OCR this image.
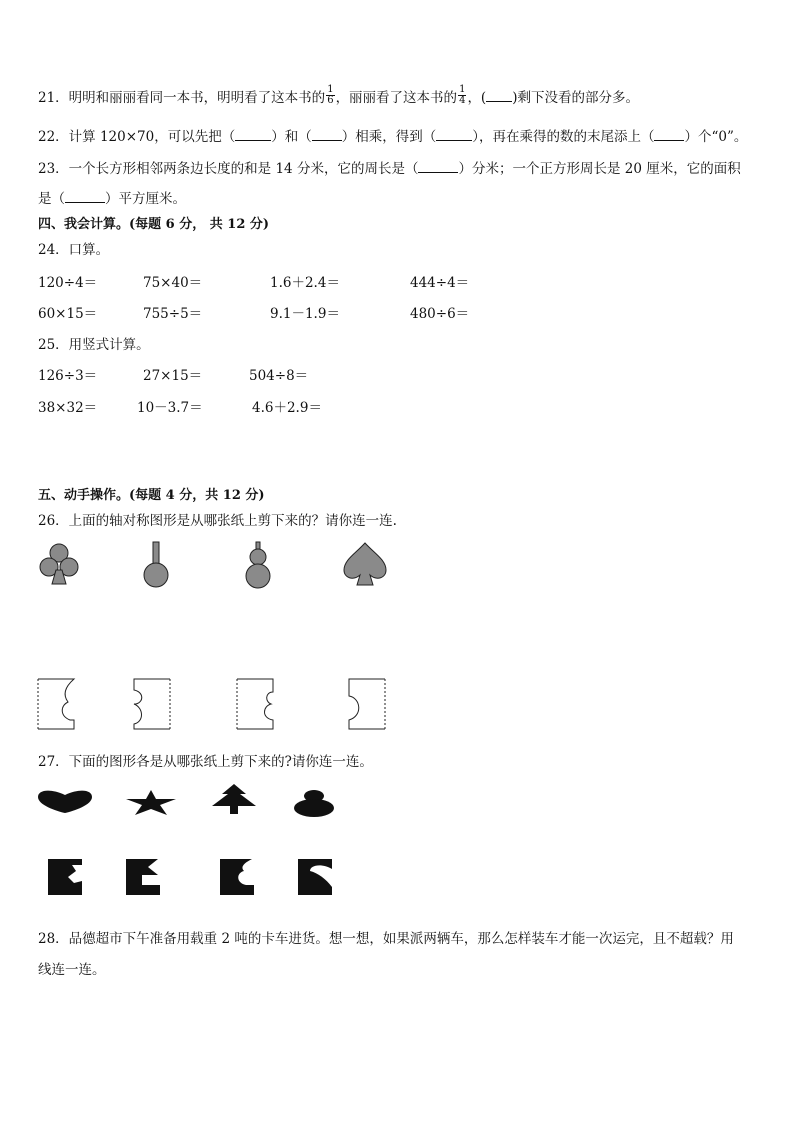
21．明明和丽丽看同一本书，明明看了这本书的 $\frac{1}{6}$ ，丽丽看了这本书的 $\frac{1}{4}$ ，( )剩下没看的部分多。
22．计算 120×70，可以先把（	）和（ ）相乘，得到（	），再在乘得的数的末尾添上（ ）个“0”。
23．一个长方形相邻两条边长度的和是 14 分米，它的周长是（	）分米；一个正方形周长是 20 厘米，它的面积
是（	）平方厘米。
四、我会计算。(每题 6 分， 共 12 分)
24．口算。
120÷4＝	75×40＝	1.6＋2.4＝	444÷4＝
60×15＝	755÷5＝	9.1－1.9＝	480÷6＝
25．用竖式计算。
126÷3＝	27×15＝	504÷8＝
38×32＝	10－3.7＝	4.6＋2.9＝
五、动手操作。(每题 4 分，共 12 分)
26．上面的轴对称图形是从哪张纸上剪下来的？请你连一连.
27．下面的图形各是从哪张纸上剪下来的?请你连一连。
28．品德超市下午准备用载重 2 吨的卡车进货。想一想，如果派两辆车，那么怎样装车才能一次运完，且不超载？用
线连一连。
